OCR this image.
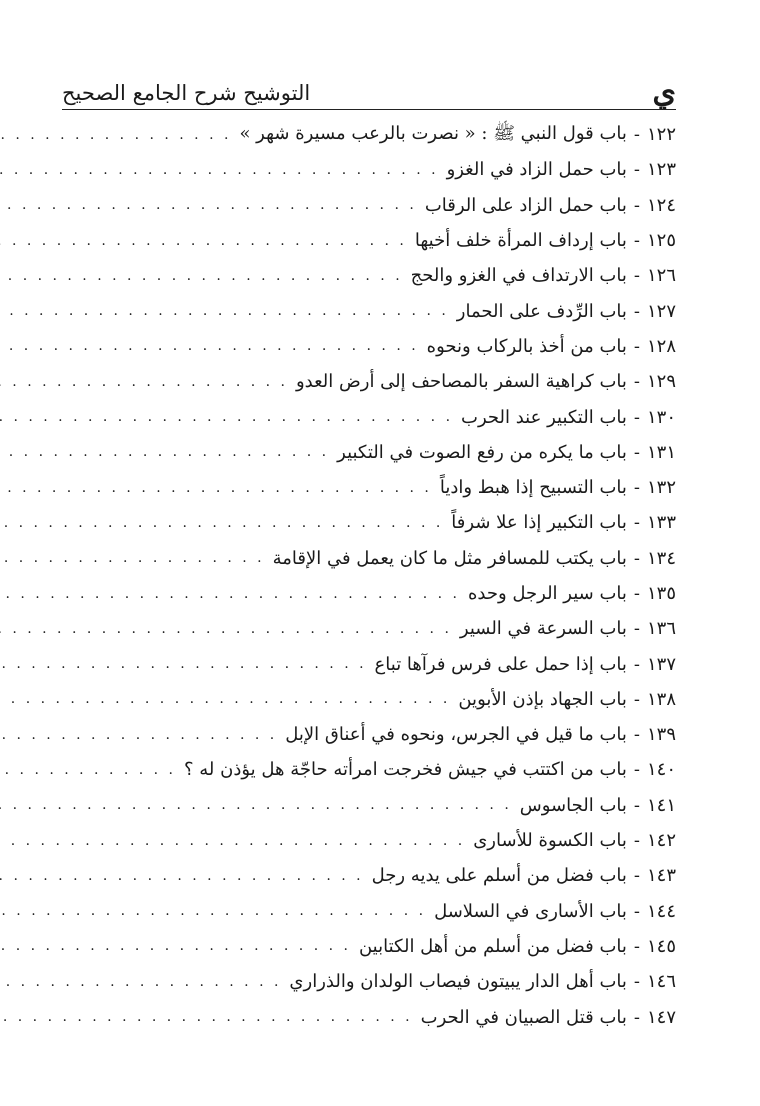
ي
التوشيح شرح الجامع الصحيح
١٢٢
-
باب قول النبي ﷺ : « نصرت بالرعب مسيرة شهر »
. . .
١٢٣
-
باب حمل الزاد في الغزو
. . .
١٢٤
-
باب حمل الزاد على الرقاب
. . .
١٢٥
-
باب إرداف المرأة خلف أخيها
. . .
١٢٦
-
باب الارتداف في الغزو والحج
. . .
١٢٧
-
باب الرِّدف على الحمار
. . .
١٢٨
-
باب من أخذ بالركاب ونحوه
. . .
١٢٩
-
باب كراهية السفر بالمصاحف إلى أرض العدو
. . .
١٣٠
-
باب التكبير عند الحرب
. . .
١٣١
-
باب ما يكره من رفع الصوت في التكبير
. . .
١٣٢
-
باب التسبيح إذا هبط وادياً
. . .
١٣٣
-
باب التكبير إذا علا شرفاً
. . .
١٣٤
-
باب يكتب للمسافر مثل ما كان يعمل في الإقامة
. . .
١٣٥
-
باب سير الرجل وحده
. . .
١٣٦
-
باب السرعة في السير
. . .
١٣٧
-
باب إذا حمل على فرس فرآها تباع
. . .
١٣٨
-
باب الجهاد بإذن الأبوين
. . .
١٣٩
-
باب ما قيل في الجرس، ونحوه في أعناق الإبل
. . .
١٤٠
-
باب من اكتتب في جيش فخرجت امرأته حاجّة هل يؤذن له ؟
. . .
١٤١
-
باب الجاسوس
. . .
١٤٢
-
باب الكسوة للأسارى
. . .
١٤٣
-
باب فضل من أسلم على يديه رجل
. . .
١٤٤
-
باب الأسارى في السلاسل
. . .
١٤٥
-
باب فضل من أسلم من أهل الكتابين
. . .
١٤٦
-
باب أهل الدار يبيتون فيصاب الولدان والذراري
. . .
١٤٧
-
باب قتل الصبيان في الحرب
. . .
